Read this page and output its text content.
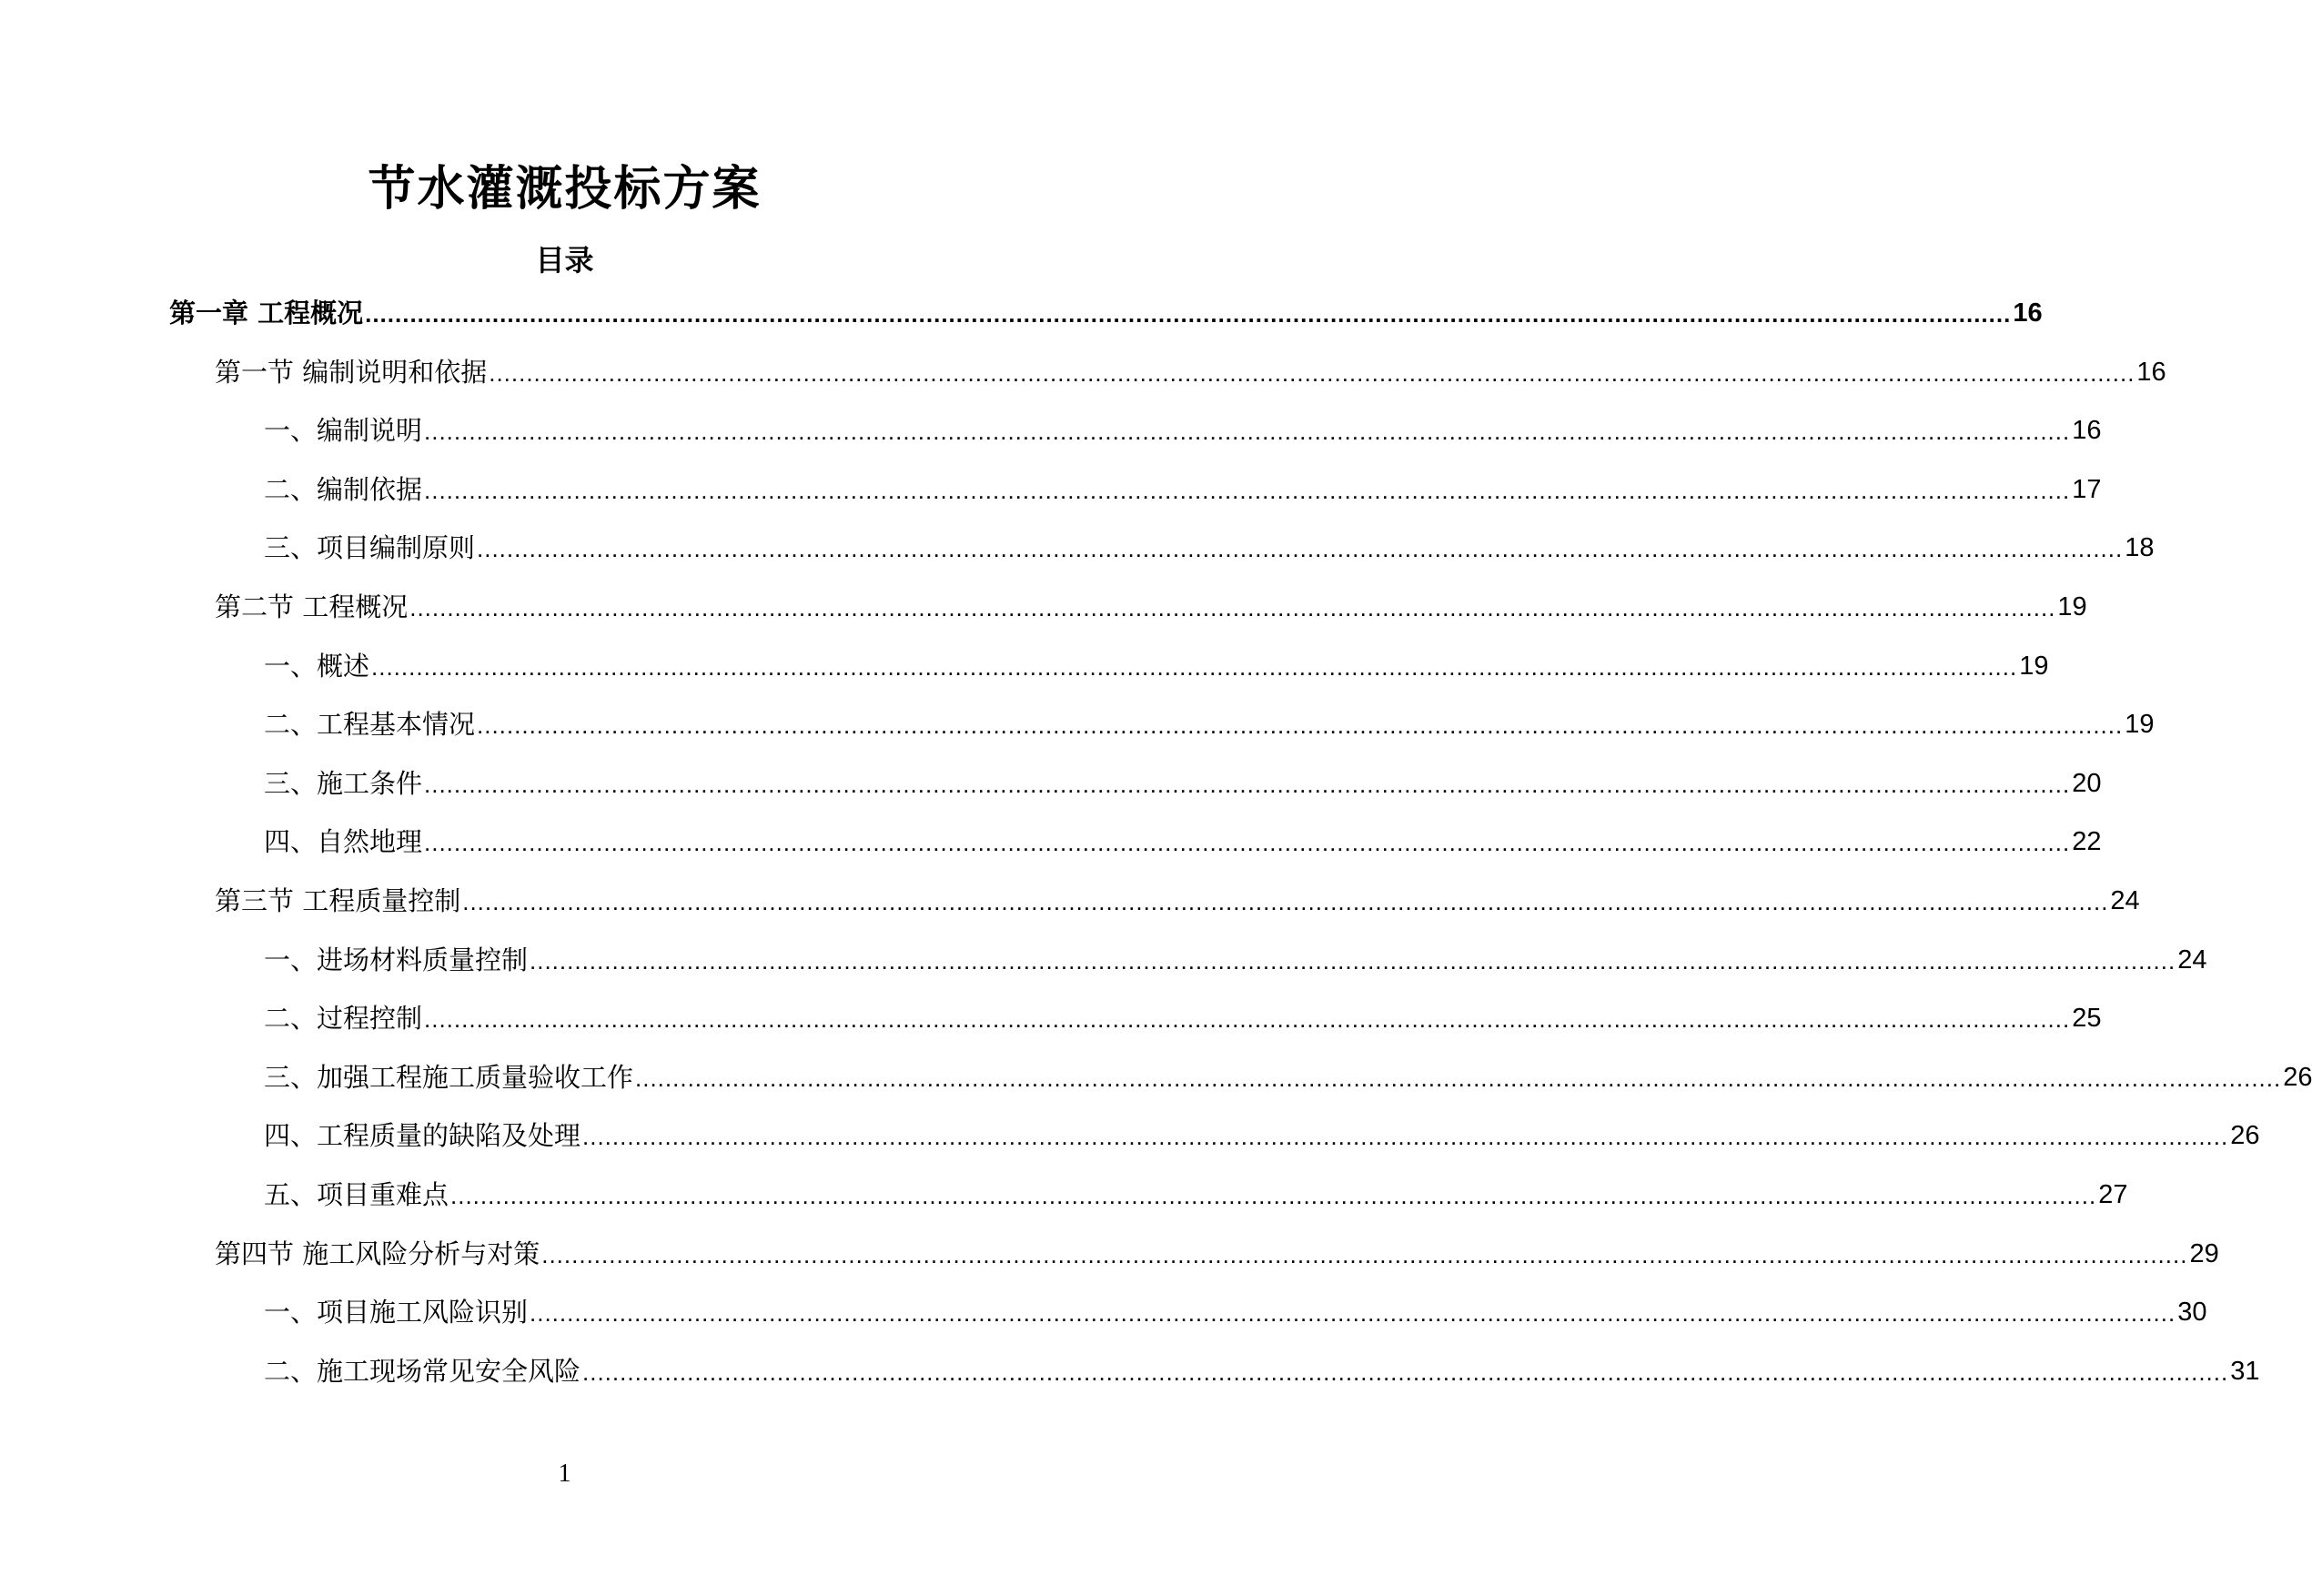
节水灌溉投标方案
目录
第一章 工程概况 ............................................................................................................................................................................................................................ 16
第一节 编制说明和依据 ............................................................................................................................................................................................................................ 16
一、编制说明 ............................................................................................................................................................................................................................ 16
二、编制依据 ............................................................................................................................................................................................................................ 17
三、项目编制原则 ............................................................................................................................................................................................................................ 18
第二节 工程概况 ............................................................................................................................................................................................................................ 19
一、概述 ............................................................................................................................................................................................................................ 19
二、工程基本情况 ............................................................................................................................................................................................................................ 19
三、施工条件 ............................................................................................................................................................................................................................ 20
四、自然地理 ............................................................................................................................................................................................................................ 22
第三节 工程质量控制 ............................................................................................................................................................................................................................ 24
一、进场材料质量控制 ............................................................................................................................................................................................................................ 24
二、过程控制 ............................................................................................................................................................................................................................ 25
三、加强工程施工质量验收工作 ............................................................................................................................................................................................................................ 26
四、工程质量的缺陷及处理 ............................................................................................................................................................................................................................ 26
五、项目重难点 ............................................................................................................................................................................................................................ 27
第四节 施工风险分析与对策 ............................................................................................................................................................................................................................ 29
一、项目施工风险识别 ............................................................................................................................................................................................................................ 30
二、施工现场常见安全风险 ............................................................................................................................................................................................................................ 31
1
